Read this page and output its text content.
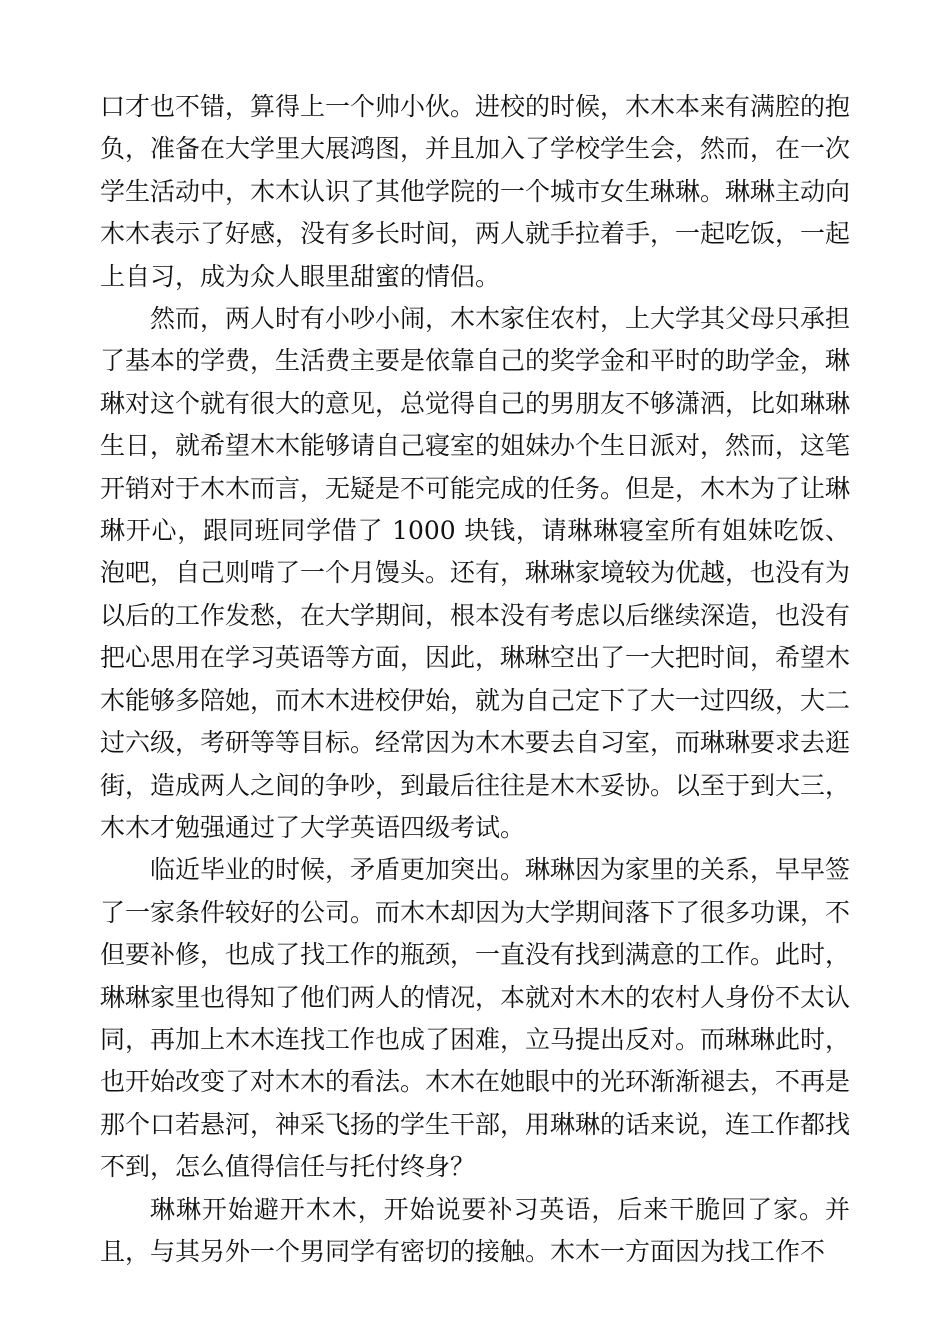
口才也不错，算得上一个帅小伙。进校的时候，木木本来有满腔的抱负，准备在大学里大展鸿图，并且加入了学校学生会，然而，在一次学生活动中，木木认识了其他学院的一个城市女生琳琳。琳琳主动向木木表示了好感，没有多长时间，两人就手拉着手，一起吃饭，一起上自习，成为众人眼里甜蜜的情侣。

然而，两人时有小吵小闹，木木家住农村，上大学其父母只承担了基本的学费，生活费主要是依靠自己的奖学金和平时的助学金，琳琳对这个就有很大的意见，总觉得自己的男朋友不够潇洒，比如琳琳生日，就希望木木能够请自己寝室的姐妹办个生日派对，然而，这笔开销对于木木而言，无疑是不可能完成的任务。但是，木木为了让琳琳开心，跟同班同学借了 1000 块钱，请琳琳寝室所有姐妹吃饭、泡吧，自己则啃了一个月馒头。还有，琳琳家境较为优越，也没有为以后的工作发愁，在大学期间，根本没有考虑以后继续深造，也没有把心思用在学习英语等方面，因此，琳琳空出了一大把时间，希望木木能够多陪她，而木木进校伊始，就为自己定下了大一过四级，大二过六级，考研等等目标。经常因为木木要去自习室，而琳琳要求去逛街，造成两人之间的争吵，到最后往往是木木妥协。以至于到大三，木木才勉强通过了大学英语四级考试。

临近毕业的时候，矛盾更加突出。琳琳因为家里的关系，早早签了一家条件较好的公司。而木木却因为大学期间落下了很多功课，不但要补修，也成了找工作的瓶颈，一直没有找到满意的工作。此时，琳琳家里也得知了他们两人的情况，本就对木木的农村人身份不太认同，再加上木木连找工作也成了困难，立马提出反对。而琳琳此时，也开始改变了对木木的看法。木木在她眼中的光环渐渐褪去，不再是那个口若悬河，神采飞扬的学生干部，用琳琳的话来说，连工作都找不到，怎么值得信任与托付终身？

琳琳开始避开木木，开始说要补习英语，后来干脆回了家。并且，与其另外一个男同学有密切的接触。木木一方面因为找工作不
